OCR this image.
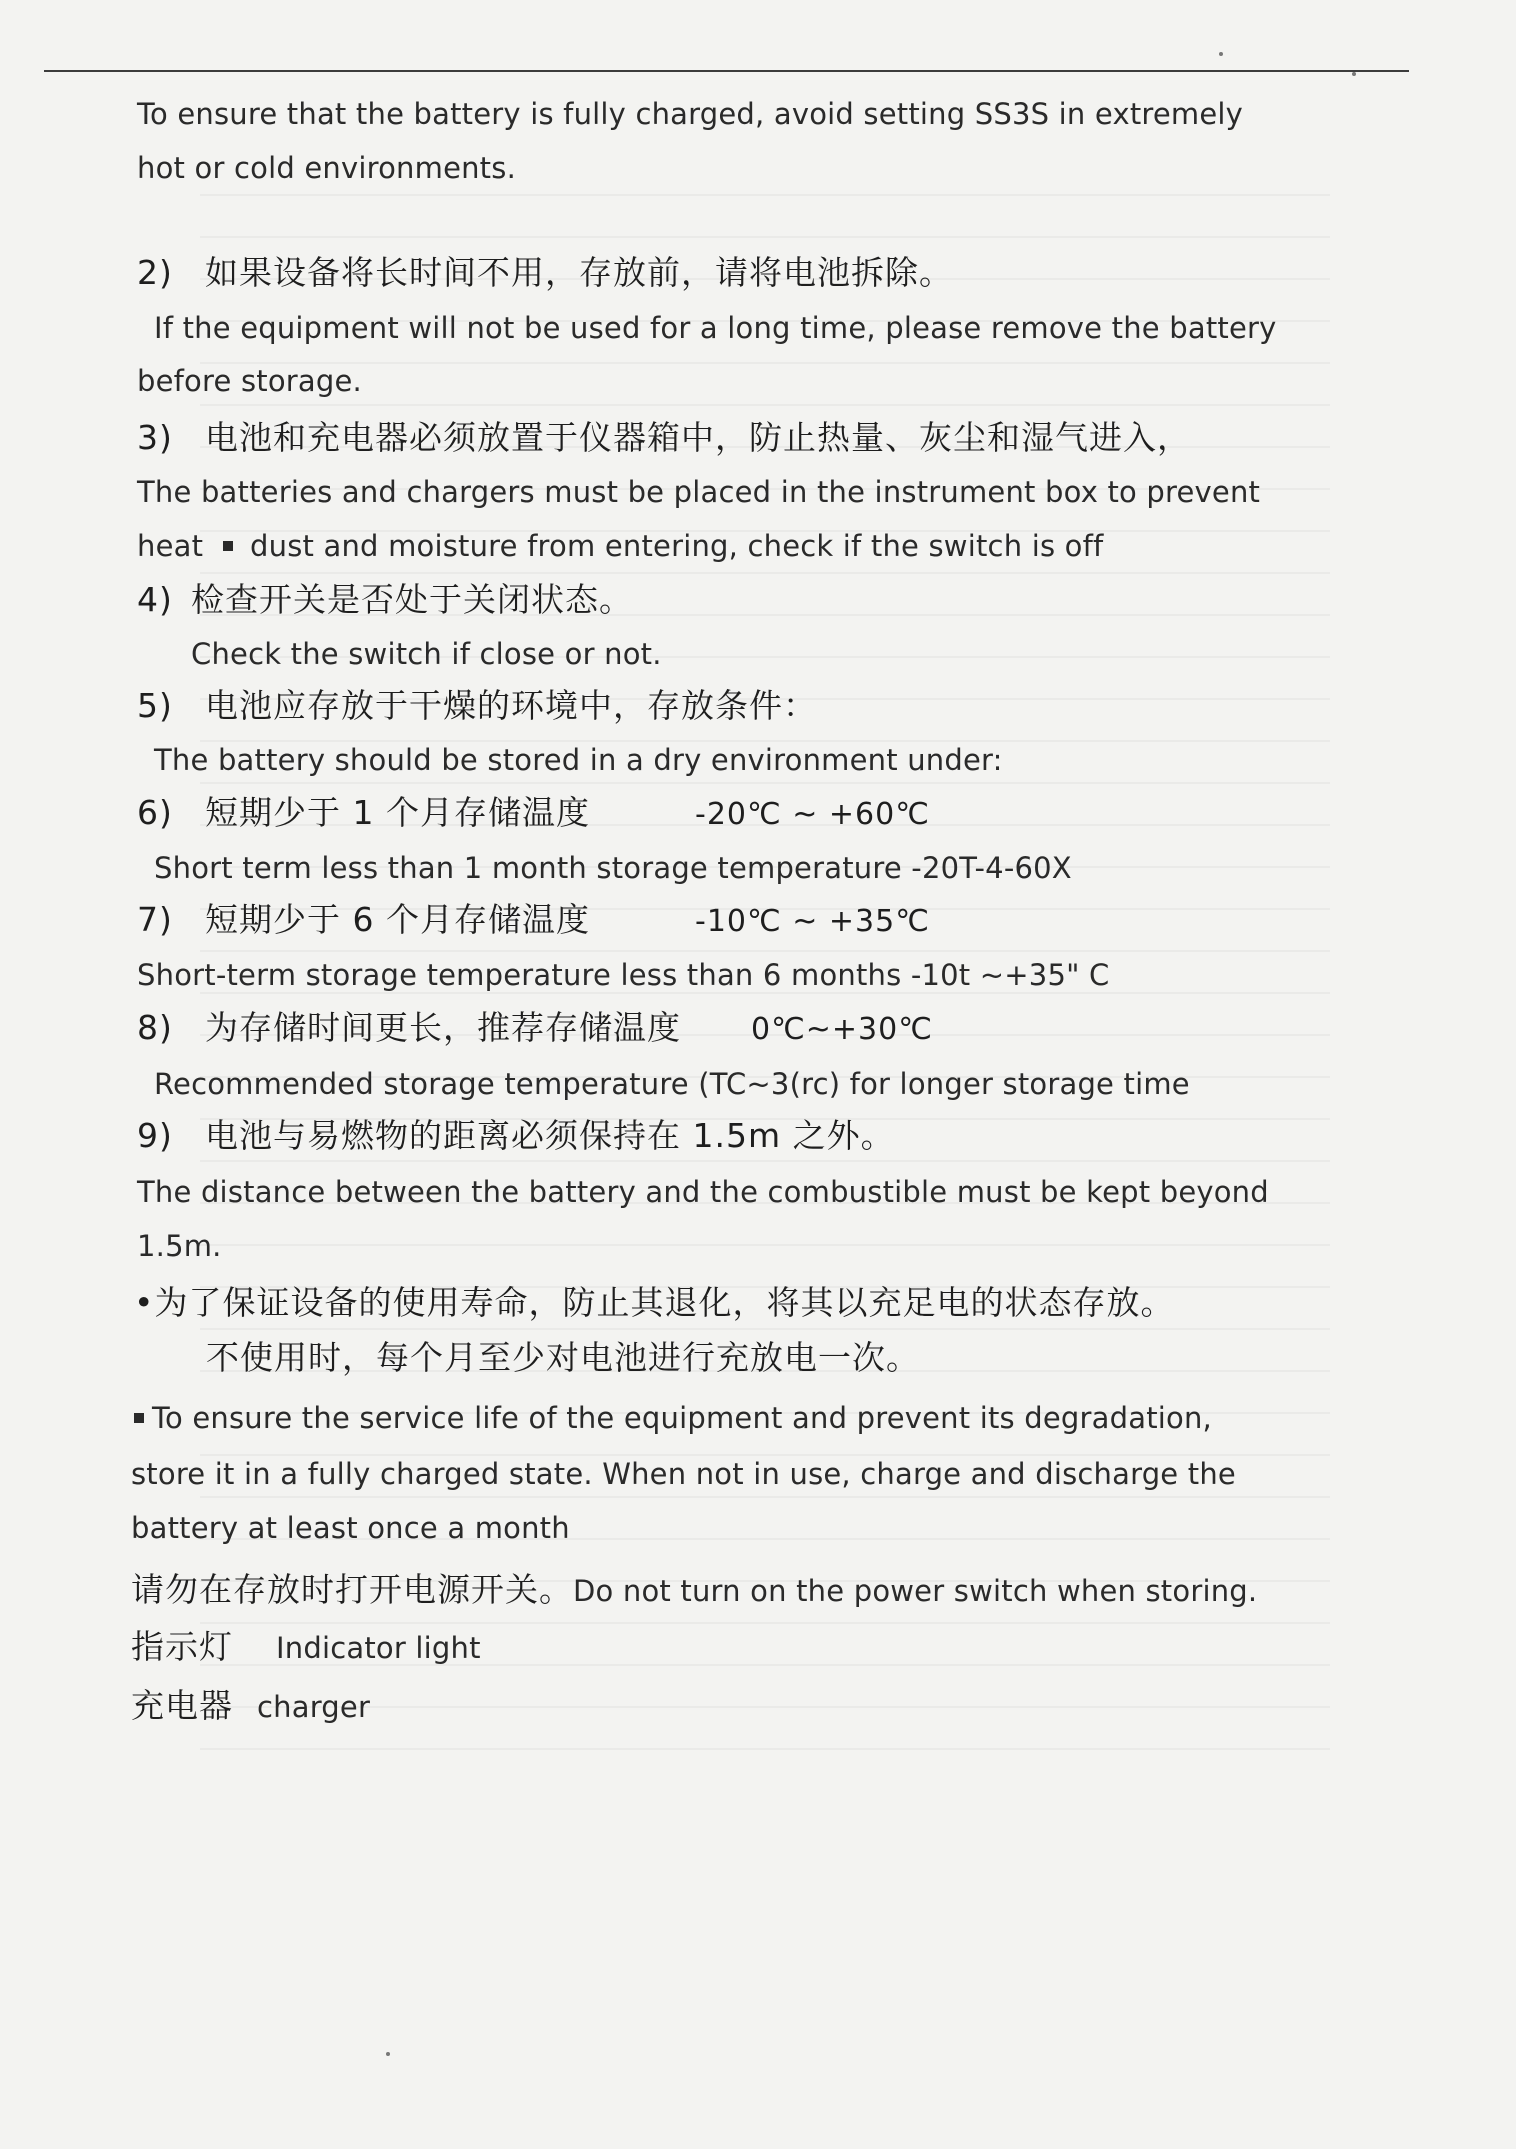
To ensure that the battery is fully charged, avoid setting SS3S in extremely
hot or cold environments.
2) 如果设备将长时间不用，存放前，请将电池拆除。
If the equipment will not be used for a long time, please remove the battery
before storage.
3) 电池和充电器必须放置于仪器箱中，防止热量、灰尘和湿气进入，
The batteries and chargers must be placed in the instrument box to prevent
heat dust and moisture from entering, check if the switch is off
4) 检查开关是否处于关闭状态。
Check the switch if close or not.
5) 电池应存放于干燥的环境中，存放条件：
The battery should be stored in a dry environment under:
6) 短期少于 1 个月存储温度	-20℃ ~ +60℃
Short term less than 1 month storage temperature -20T-4-60X
7) 短期少于 6 个月存储温度	-10℃ ~ +35℃
Short-term storage temperature less than 6 months -10t ~+35" C
8) 为存储时间更长，推荐存储温度 0℃~+30℃
Recommended storage temperature (TC~3(rc) for longer storage time
9) 电池与易燃物的距离必须保持在 1.5m 之外。
The distance between the battery and the combustible must be kept beyond
1.5m.
•为了保证设备的使用寿命，防止其退化，将其以充足电的状态存放。
不使用时，每个月至少对电池进行充放电一次。
To ensure the service life of the equipment and prevent its degradation,
store it in a fully charged state. When not in use, charge and discharge the
battery at least once a month
请勿在存放时打开电源开关。Do not turn on the power switch when storing.
指示灯 Indicator light
充电器 charger
